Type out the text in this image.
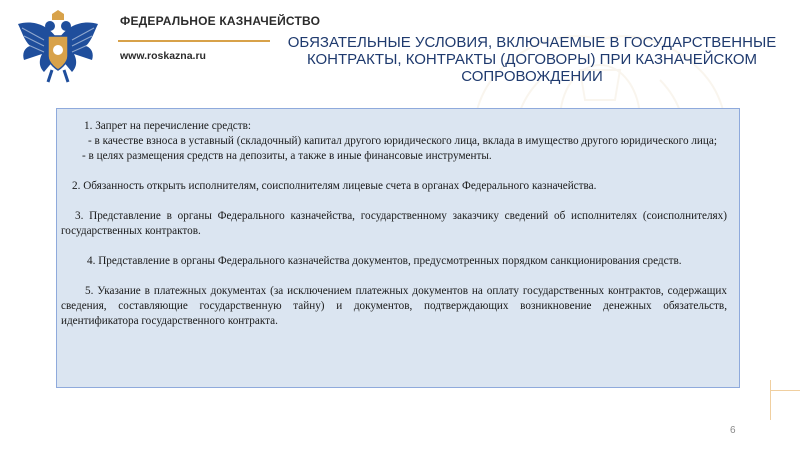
ФЕДЕРАЛЬНОЕ КАЗНАЧЕЙСТВО
www.roskazna.ru
ОБЯЗАТЕЛЬНЫЕ УСЛОВИЯ, ВКЛЮЧАЕМЫЕ В ГОСУДАРСТВЕННЫЕ КОНТРАКТЫ, КОНТРАКТЫ (ДОГОВОРЫ) ПРИ КАЗНАЧЕЙСКОМ СОПРОВОЖДЕНИИ

1. Запрет на перечисление средств:

- в качестве взноса в уставный (складочный) капитал другого юридического лица, вклада в имущество другого юридического лица;

- в целях размещения средств на депозиты, а также в иные финансовые инструменты.

2. Обязанность открыть исполнителям, соисполнителям лицевые счета в органах Федерального казначейства.

3. Представление в органы Федерального казначейства, государственному заказчику сведений об исполнителях (соисполнителях) государственных контрактов.

4. Представление в органы Федерального казначейства документов, предусмотренных порядком санкционирования средств.

5. Указание в платежных документах (за исключением платежных документов на оплату государственных контрактов, содержащих сведения, составляющие государственную тайну) и документов, подтверждающих возникновение денежных обязательств, идентификатора государственного контракта.

6
